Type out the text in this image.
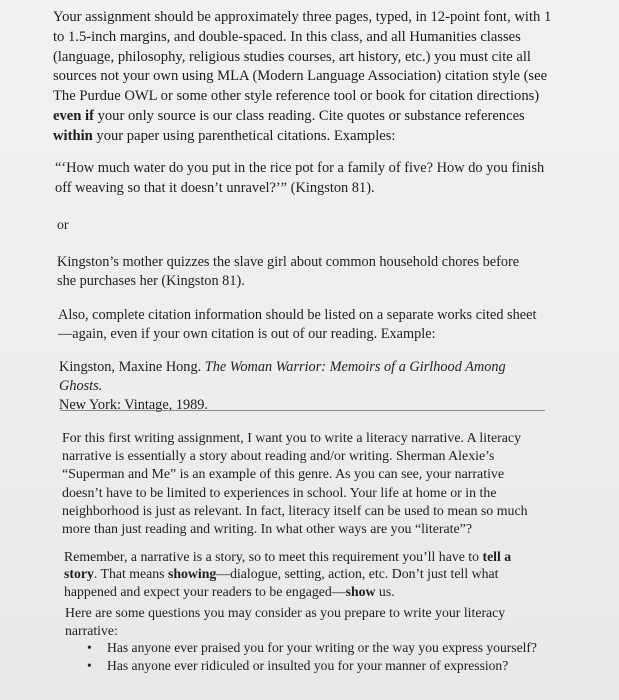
Your assignment should be approximately three pages, typed, in 12-point font, with 1 to 1.5-inch margins, and double-spaced. In this class, and all Humanities classes (language, philosophy, religious studies courses, art history, etc.) you must cite all sources not your own using MLA (Modern Language Association) citation style (see The Purdue OWL or some other style reference tool or book for citation directions) even if your only source is our class reading. Cite quotes or substance references within your paper using parenthetical citations. Examples:

“‘How much water do you put in the rice pot for a family of five? How do you finish off weaving so that it doesn’t unravel?’” (Kingston 81).

or

Kingston’s mother quizzes the slave girl about common household chores before she purchases her (Kingston 81).

Also, complete citation information should be listed on a separate works cited sheet—again, even if your own citation is out of our reading. Example:

Kingston, Maxine Hong. The Woman Warrior: Memoirs of a Girlhood Among Ghosts.
New York: Vintage, 1989.

For this first writing assignment, I want you to write a literacy narrative. A literacy narrative is essentially a story about reading and/or writing. Sherman Alexie’s “Superman and Me” is an example of this genre. As you can see, your narrative doesn’t have to be limited to experiences in school. Your life at home or in the neighborhood is just as relevant. In fact, literacy itself can be used to mean so much more than just reading and writing. In what other ways are you “literate”?

Remember, a narrative is a story, so to meet this requirement you’ll have to tell a story. That means showing—dialogue, setting, action, etc. Don’t just tell what happened and expect your readers to be engaged—show us.

Here are some questions you may consider as you prepare to write your literacy narrative:

• Has anyone ever praised you for your writing or the way you express yourself?
• Has anyone ever ridiculed or insulted you for your manner of expression?
